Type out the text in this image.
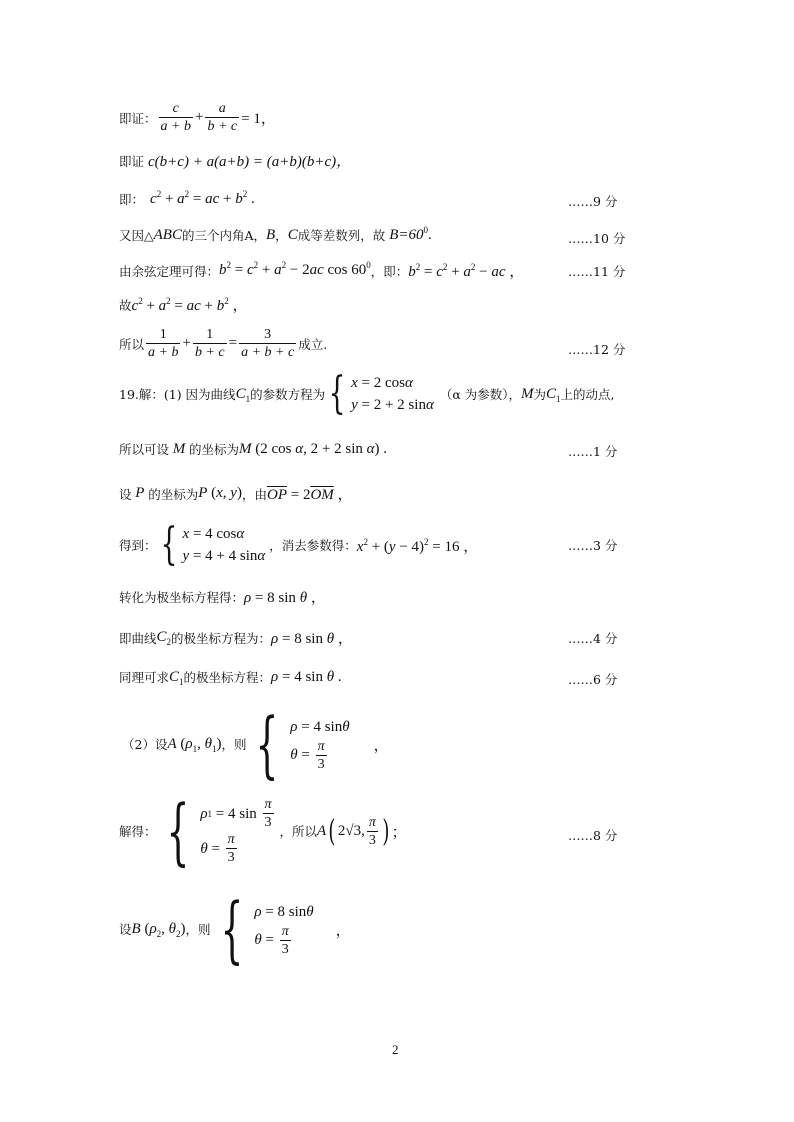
即证： $\frac{c}{a + b} + \frac{a}{b + c} = 1$，
即证 c(b+c) + a(a+b) = (a+b)(b+c)，
即： $c^2 + a^2$ = ac + $b^2$ .	……9 分
又因△ ABC 的三个内角A， B ， C 成等差数列，故 $B=60^0$.	……10 分
由余弦定理可得： $b^2 = c^2 + a^2 - 2ac$ $\cos 60^0$ ，即： $b^2 = c^2 + a^2$ − ac ，	……11 分
故 $c^2 + a^2$ = ac + $b^2$ ，
所以 $\frac{1}{a + b} + \frac{1}{b + c} = \frac{3}{a + b + c}$ 成立.	……12 分
19.解：(1) 因为曲线 $C_1$ 的参数方程为 { x = 2 cos α
y = 2 + 2 sin α
（α 为参数）， M 为 $C_1$ 上的动点,
所以可设 M 的坐标为 M (2 cos α, 2 + 2 sin α) .	……1 分
设 P 的坐标为 P (x, y) ，由 $\overline{OP} = 2\overline{OM}$ ，
得到： { x = 4 cos α
y = 4 + 4 sin α
，消去参数得： $x^2 + (y - 4)^2 = 16$ ，	……3 分
转化为极坐标方程得： ρ = 8 sin θ ，
即曲线 $C_2$ 的极坐标方程为： ρ = 8 sin θ ，	……4 分
同理可求 $C_1$ 的极坐标方程： ρ = 4 sin θ .	……6 分
（2）设 A ($\rho_1$, $\theta_1$) ，则 { ρ = 4 sin θ
$\theta = \frac{\pi}{3}$	，
解得： { ρ 1 = 4 $\sin \frac{\pi}{3}$
$\theta = \frac{\pi}{3}$	，所以 A ( 2√3, $\frac{\pi}{3}$ ) ；	……8 分
设 B ($\rho_2$, $\theta_2$) ，则 { ρ = 8 sin θ
$\theta = \frac{\pi}{3}$	，
2
